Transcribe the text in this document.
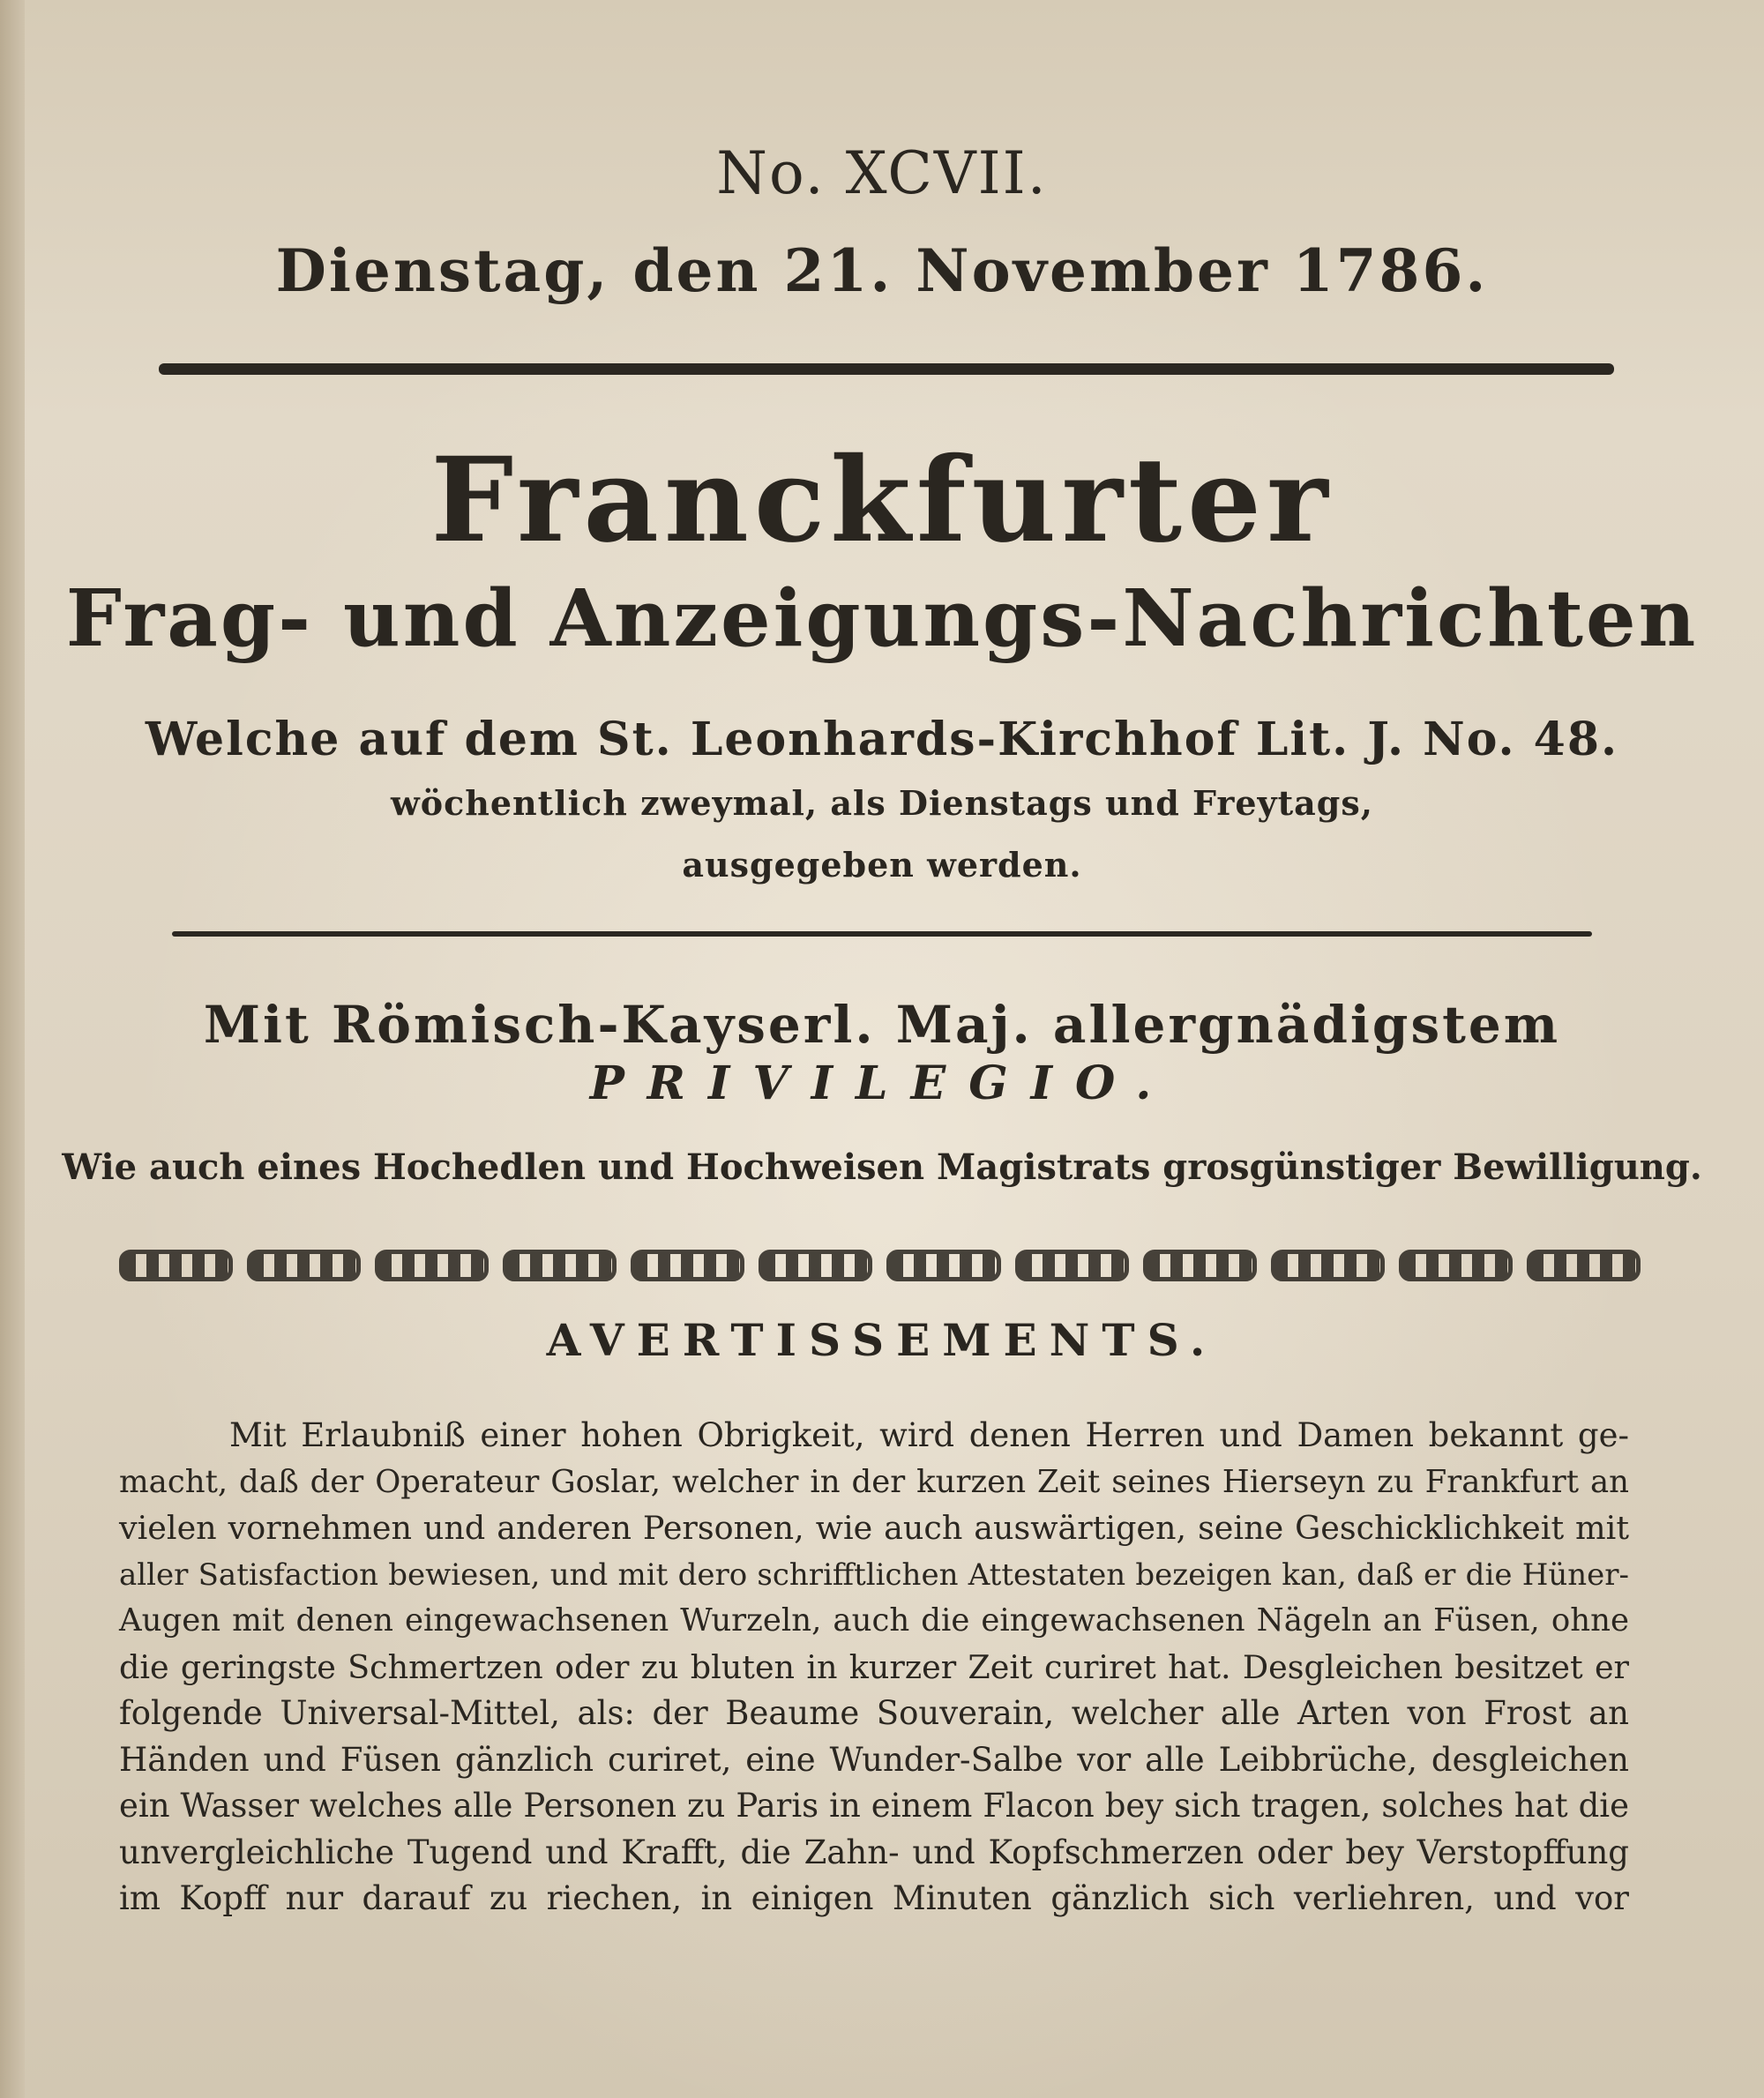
No. XCVII.
Dienstag, den 21. November 1786.
Franckfurter
Frag- und Anzeigungs-Nachrichten
Welche auf dem St. Leonhards-Kirchhof Lit. J. No. 48.
wöchentlich zweymal, als Dienstags und Freytags,
ausgegeben werden.
Mit Römisch-Kayserl. Maj. allergnädigstem
PRIVILEGIO.
Wie auch eines Hochedlen und Hochweisen Magistrats grosgünstiger Bewilligung.
AVERTISSEMENTS.
Mit Erlaubniß einer hohen Obrigkeit, wird denen Herren und Damen bekannt ge-
macht, daß der Operateur Goslar, welcher in der kurzen Zeit seines Hierseyn zu Frankfurt an
vielen vornehmen und anderen Personen, wie auch auswärtigen, seine Geschicklichkeit mit
aller Satisfaction bewiesen, und mit dero schrifftlichen Attestaten bezeigen kan, daß er die Hüner-
Augen mit denen eingewachsenen Wurzeln, auch die eingewachsenen Nägeln an Füsen, ohne
die geringste Schmertzen oder zu bluten in kurzer Zeit curiret hat. Desgleichen besitzet er
folgende Universal-Mittel, als: der Beaume Souverain, welcher alle Arten von Frost an
Händen und Füsen gänzlich curiret, eine Wunder-Salbe vor alle Leibbrüche, desgleichen
ein Wasser welches alle Personen zu Paris in einem Flacon bey sich tragen, solches hat die
unvergleichliche Tugend und Krafft, die Zahn- und Kopfschmerzen oder bey Verstopffung
im Kopff nur darauf zu riechen, in einigen Minuten gänzlich sich verliehren, und vor
